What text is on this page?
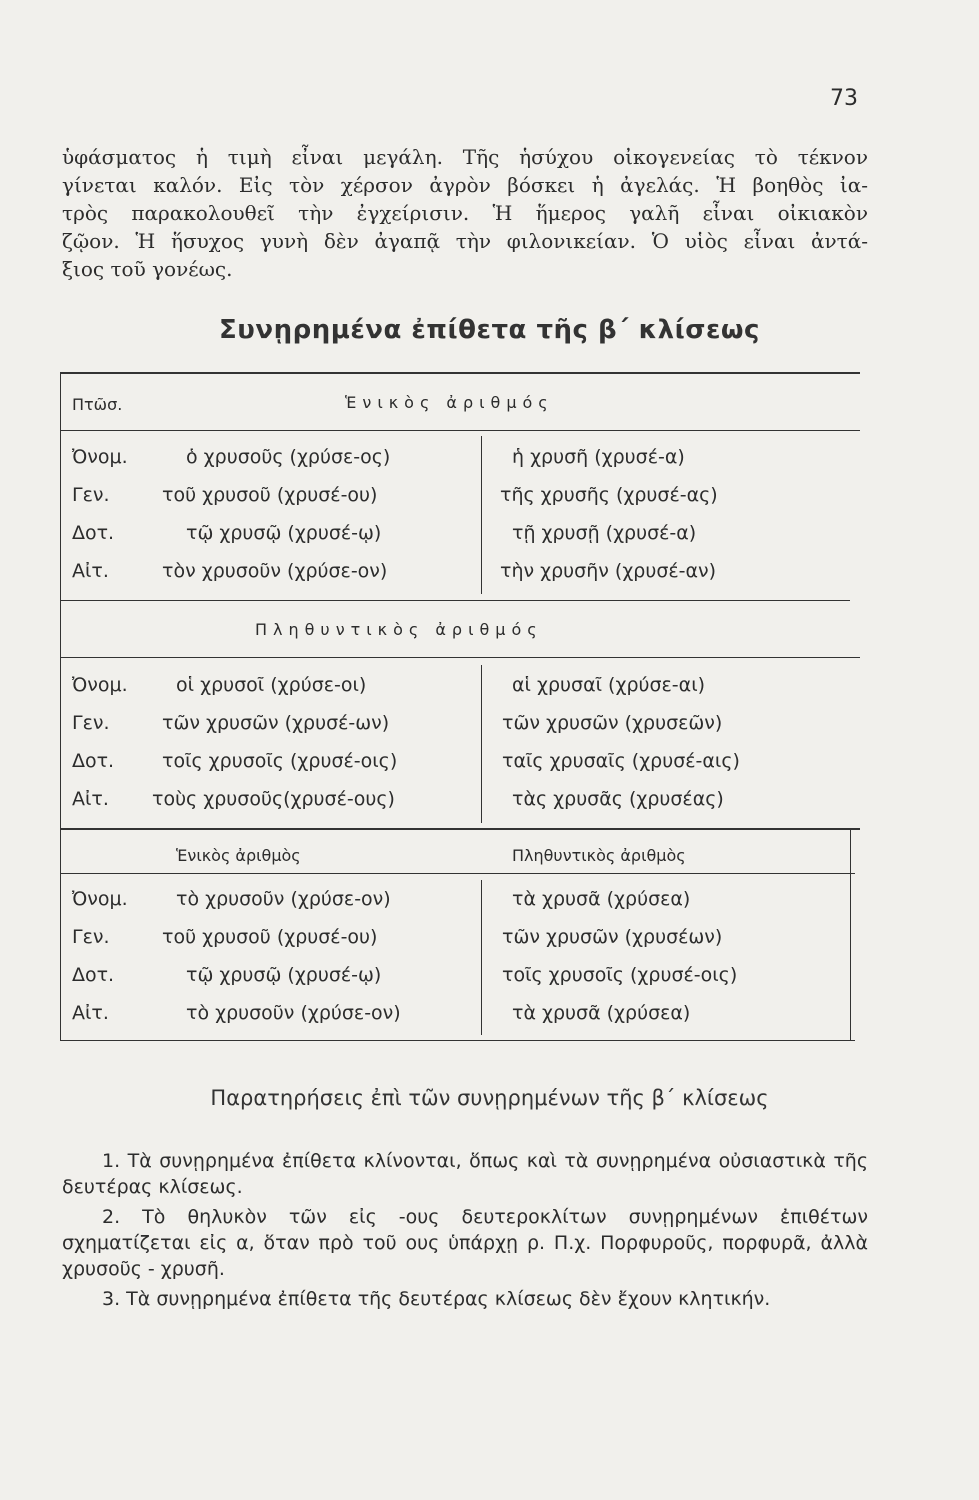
73
ὑφάσματος ἡ τιμὴ εἶναι μεγάλη. Τῆς ἡσύχου οἰκογενείας τὸ τέκνον
γίνεται καλόν. Εἰς τὸν χέρσον ἀγρὸν βόσκει ἡ ἀγελάς. Ἡ βοηθὸς ἰα-
τρὸς παρακολουθεῖ τὴν ἐγχείρισιν. Ἡ ἥμερος γαλῆ εἶναι οἰκιακὸν
ζῷον. Ἡ ἥσυχος γυνὴ δὲν ἀγαπᾷ τὴν φιλονικείαν. Ὁ υἱὸς εἶναι ἀντά-
ξιος τοῦ γονέως.
Συνῃρημένα ἐπίθετα τῆς β΄ κλίσεως
Πτῶσ.	Ἑνικὸς ἀριθμός
Ὀνομ.	ὁ χρυσοῦς (χρύσε-ος)	ἡ χρυσῆ (χρυσέ-α)
Γεν.	τοῦ χρυσοῦ (χρυσέ-ου)	τῆς χρυσῆς (χρυσέ-ας)
Δοτ.	τῷ χρυσῷ (χρυσέ-ῳ)	τῇ χρυσῇ (χρυσέ-α)
Αἰτ.	τὸν χρυσοῦν (χρύσε-ον)	τὴν χρυσῆν (χρυσέ-αν)
Πληθυντικὸς ἀριθμός
Ὀνομ.	οἱ χρυσοῖ (χρύσε-οι)	αἱ χρυσαῖ (χρύσε-αι)
Γεν.	τῶν χρυσῶν (χρυσέ-ων)	τῶν χρυσῶν (χρυσεῶν)
Δοτ.	τοῖς χρυσοῖς (χρυσέ-οις)	ταῖς χρυσαῖς (χρυσέ-αις)
Αἰτ. τοὺς χρυσοῦς(χρυσέ-ους)	τὰς χρυσᾶς (χρυσέας)
Ἑνικὸς ἀριθμὸς	Πληθυντικὸς ἀριθμὸς
Ὀνομ.	τὸ χρυσοῦν (χρύσε-ον)	τὰ χρυσᾶ (χρύσεα)
Γεν.	τοῦ χρυσοῦ (χρυσέ-ου)	τῶν χρυσῶν (χρυσέων)
Δοτ.	τῷ χρυσῷ (χρυσέ-ῳ)	τοῖς χρυσοῖς (χρυσέ-οις)
Αἰτ.	τὸ χρυσοῦν (χρύσε-ον)	τὰ χρυσᾶ (χρύσεα)
Παρατηρήσεις ἐπὶ τῶν συνῃρημένων τῆς β΄ κλίσεως

1. Τὰ συνῃρημένα ἐπίθετα κλίνονται, ὅπως καὶ τὰ συνῃρημένα οὐσιαστικὰ τῆς δευτέρας κλίσεως.

2. Τὸ θηλυκὸν τῶν εἰς -ους δευτεροκλίτων συνῃρημένων ἐπιθέτων σχηματίζεται εἰς α, ὅταν πρὸ τοῦ ους ὑπάρχῃ ρ. Π.χ. Πορφυροῦς, πορφυρᾶ, ἀλλὰ χρυσοῦς - χρυσῆ.

3. Τὰ συνῃρημένα ἐπίθετα τῆς δευτέρας κλίσεως δὲν ἔχουν κλητικήν.
